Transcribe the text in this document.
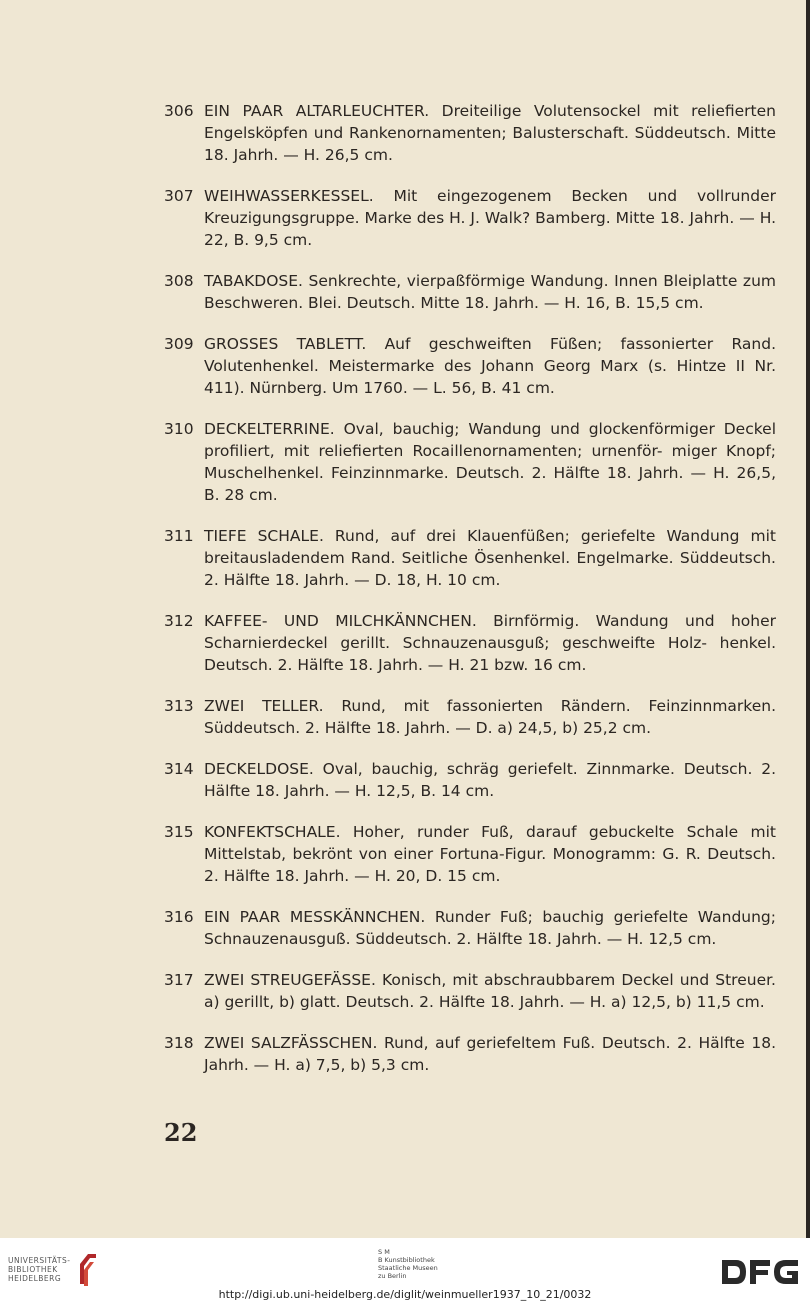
306 EIN PAAR ALTARLEUCHTER. Dreiteilige Volutensockel mit reliefierten Engelsköpfen und Rankenornamenten; Balusterschaft. Süddeutsch. Mitte 18. Jahrh. — H. 26,5 cm.
307 WEIHWASSERKESSEL. Mit eingezogenem Becken und vollrunder Kreuzigungsgruppe. Marke des H. J. Walk? Bamberg. Mitte 18. Jahrh. — H. 22, B. 9,5 cm.
308 TABAKDOSE. Senkrechte, vierpaßförmige Wandung. Innen Bleiplatte zum Beschweren. Blei. Deutsch. Mitte 18. Jahrh. — H. 16, B. 15,5 cm.
309 GROSSES TABLETT. Auf geschweiften Füßen; fassonierter Rand. Volutenhenkel. Meistermarke des Johann Georg Marx (s. Hintze II Nr. 411). Nürnberg. Um 1760. — L. 56, B. 41 cm.
310 DECKELTERRINE. Oval, bauchig; Wandung und glockenförmiger Deckel profiliert, mit reliefierten Rocaillenornamenten; urnenför- miger Knopf; Muschelhenkel. Feinzinnmarke. Deutsch. 2. Hälfte 18. Jahrh. — H. 26,5, B. 28 cm.
311 TIEFE SCHALE. Rund, auf drei Klauenfüßen; geriefelte Wandung mit breitausladendem Rand. Seitliche Ösenhenkel. Engelmarke. Süddeutsch. 2. Hälfte 18. Jahrh. — D. 18, H. 10 cm.
312 KAFFEE- UND MILCHKÄNNCHEN. Birnförmig. Wandung und hoher Scharnierdeckel gerillt. Schnauzenausguß; geschweifte Holz- henkel. Deutsch. 2. Hälfte 18. Jahrh. — H. 21 bzw. 16 cm.
313 ZWEI TELLER. Rund, mit fassonierten Rändern. Feinzinnmarken. Süddeutsch. 2. Hälfte 18. Jahrh. — D. a) 24,5, b) 25,2 cm.
314 DECKELDOSE. Oval, bauchig, schräg geriefelt. Zinnmarke. Deutsch. 2. Hälfte 18. Jahrh. — H. 12,5, B. 14 cm.
315 KONFEKTSCHALE. Hoher, runder Fuß, darauf gebuckelte Schale mit Mittelstab, bekrönt von einer Fortuna-Figur. Monogramm: G. R. Deutsch. 2. Hälfte 18. Jahrh. — H. 20, D. 15 cm.
316 EIN PAAR MESSKÄNNCHEN. Runder Fuß; bauchig geriefelte Wandung; Schnauzenausguß. Süddeutsch. 2. Hälfte 18. Jahrh. — H. 12,5 cm.
317 ZWEI STREUGEFÄSSE. Konisch, mit abschraubbarem Deckel und Streuer. a) gerillt, b) glatt. Deutsch. 2. Hälfte 18. Jahrh. — H. a) 12,5, b) 11,5 cm.
318 ZWEI SALZFÄSSCHEN. Rund, auf geriefeltem Fuß. Deutsch. 2. Hälfte 18. Jahrh. — H. a) 7,5, b) 5,3 cm.
22
UNIVERSITÄTS-
BIBLIOTHEK
HEIDELBERG
S M
B Kunstbibliothek
Staatliche Museen
zu Berlin
http://digi.ub.uni-heidelberg.de/diglit/weinmueller1937_10_21/0032
